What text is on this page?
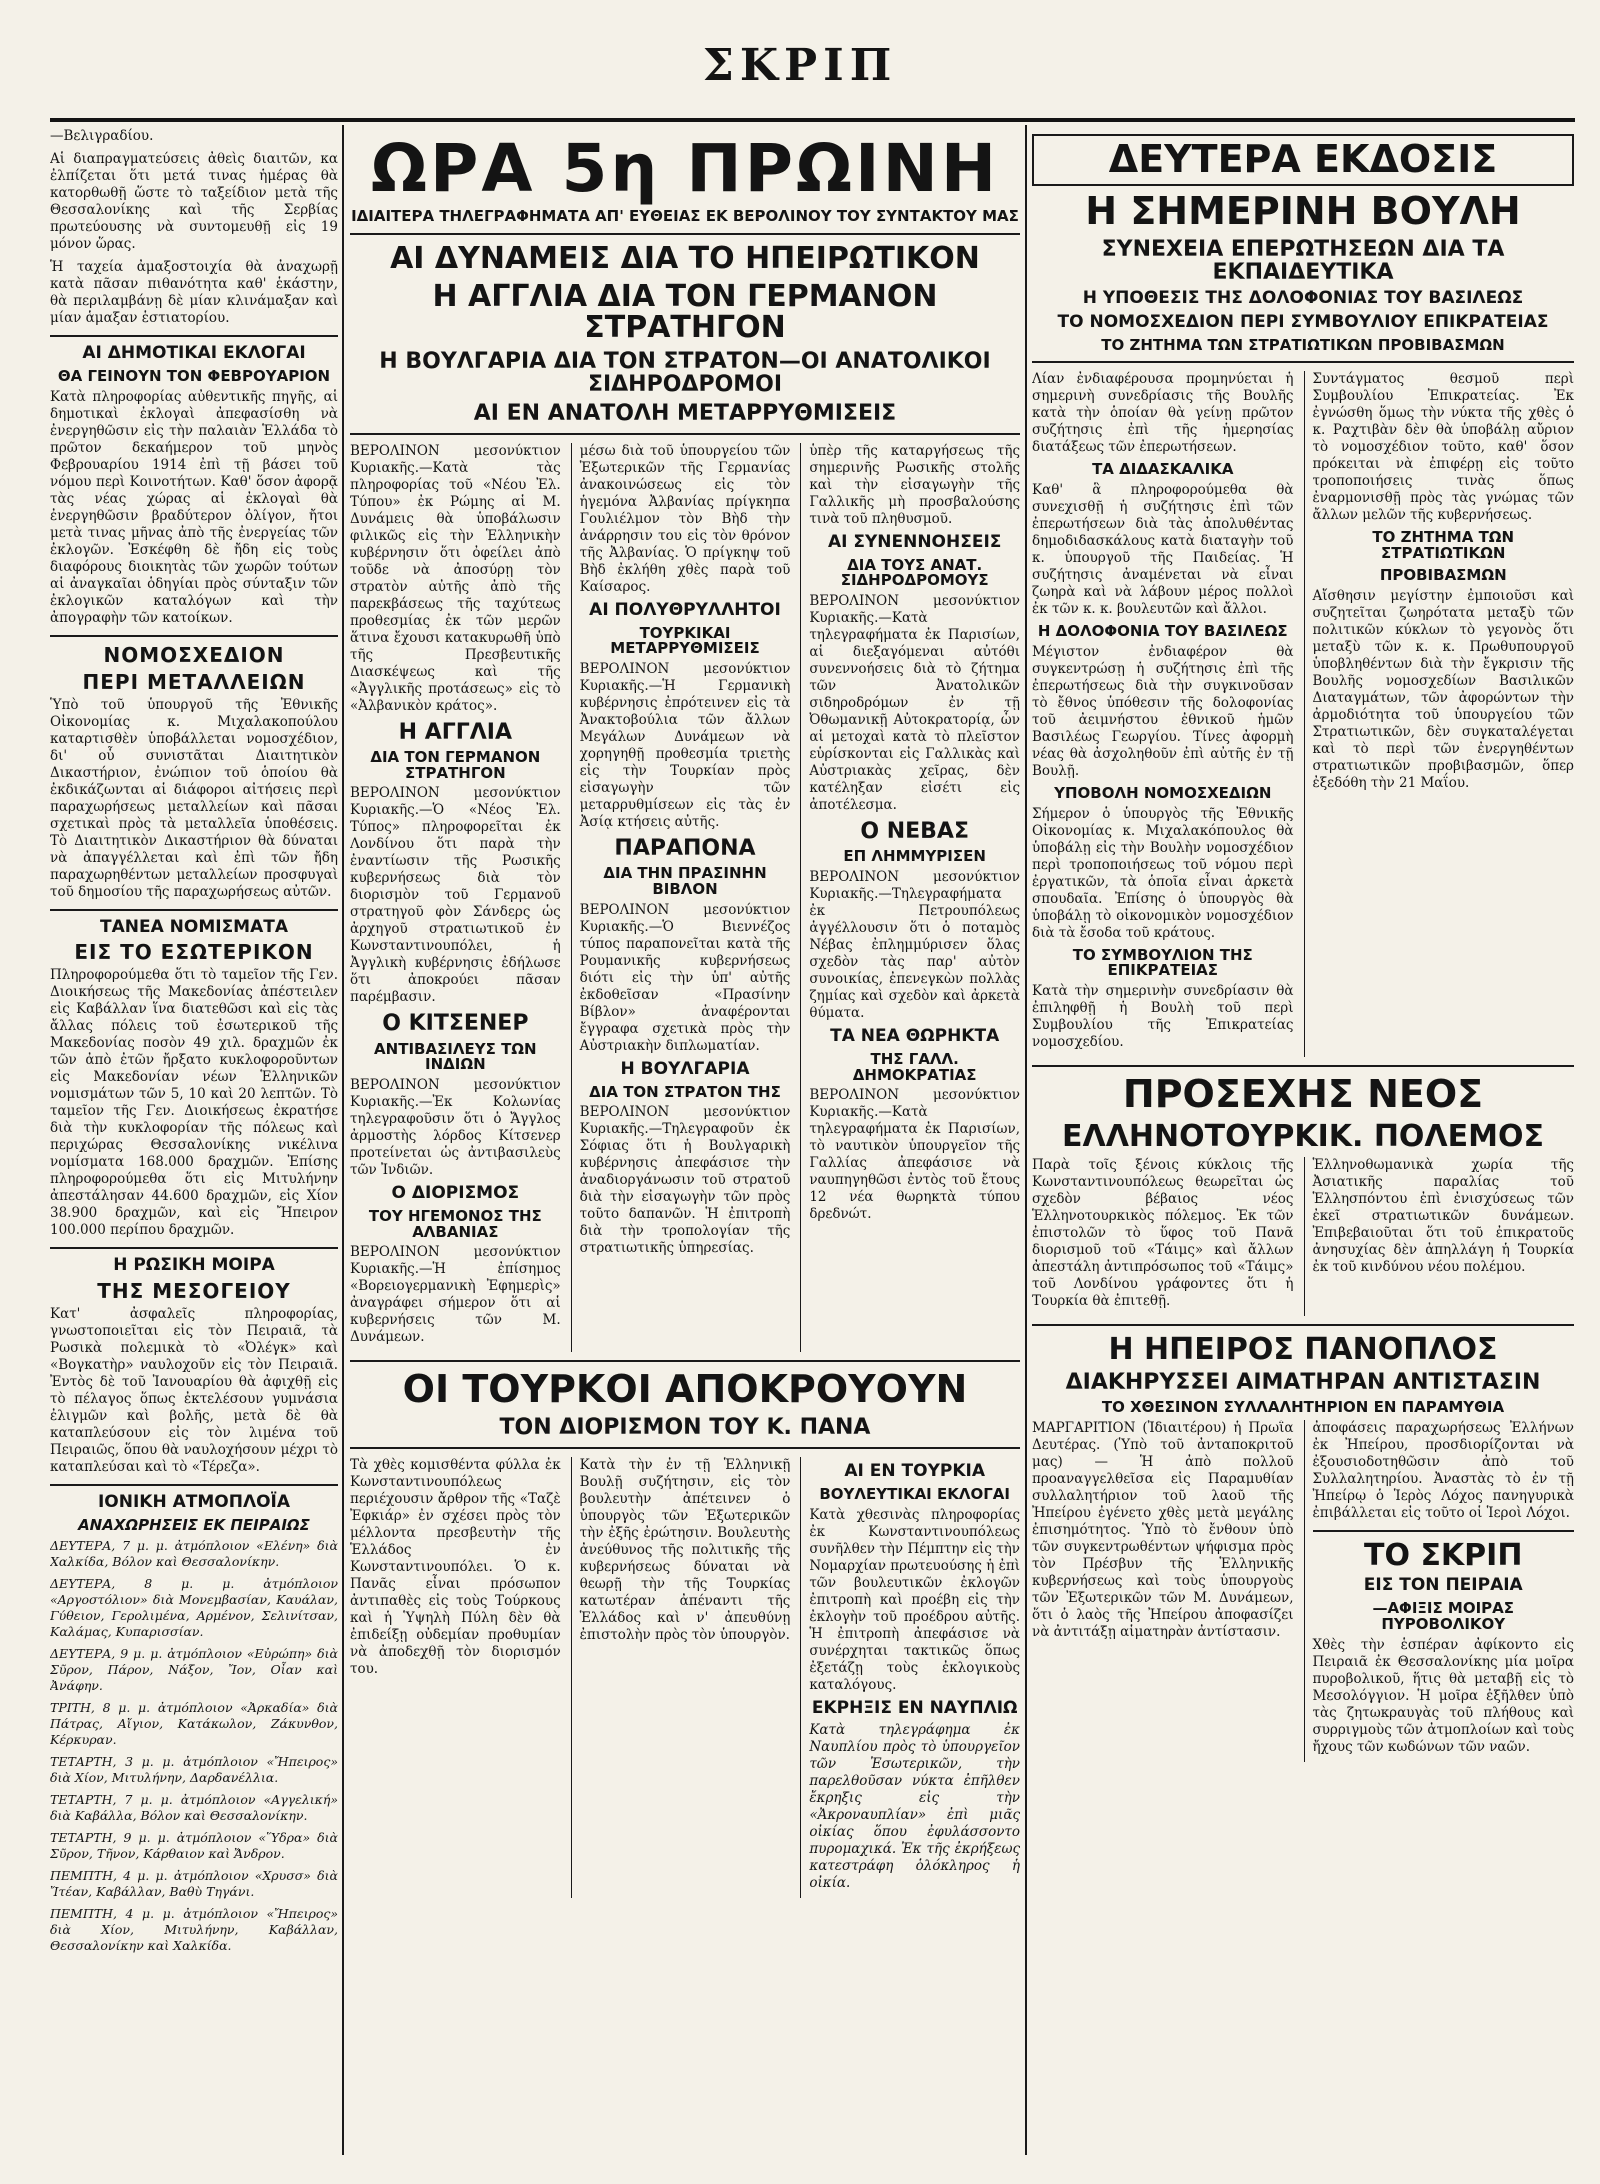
ΣΚΡΙΠ

—Βελιγραδίου.

Αἱ διαπραγματεύσεις ἀθεὶς διαιτῶν, κα ἐλπίζεται ὅτι μετά τινας ἡμέρας θὰ κατορθωθῇ ὥστε τὸ ταξείδιον μετὰ τῆς Θεσσαλονίκης καὶ τῆς Σερβίας πρωτεύουσης νὰ συντομευθῇ εἰς 19 μόνον ὥρας.

Ἡ ταχεία ἀμαξοστοιχία θὰ ἀναχωρῇ κατὰ πᾶσαν πιθανότητα καθ' ἑκάστην, θὰ περιλαμβάνῃ δὲ μίαν κλινάμαξαν καὶ μίαν ἁμαξαν ἑστιατορίου.

ΑΙ ΔΗΜΟΤΙΚΑΙ ΕΚΛΟΓΑΙ
ΘΑ ΓΕΙΝΟΥΝ ΤΟΝ ΦΕΒΡΟΥΑΡΙΟΝ

Κατὰ πληροφορίας αὐθεντικῆς πηγῆς, αἱ δημοτικαὶ ἐκλογαὶ ἀπεφασίσθη νὰ ἐνεργηθῶσιν εἰς τὴν παλαιὰν Ἑλλάδα τὸ πρῶτον δεκαήμερον τοῦ μηνὸς Φεβρουαρίου 1914 ἐπὶ τῇ βάσει τοῦ νόμου περὶ Κοινοτήτων. Καθ' ὅσον ἀφορᾷ τὰς νέας χώρας αἱ ἐκλογαὶ θὰ ἐνεργηθῶσιν βραδύτερον ὀλίγον, ἤτοι μετὰ τινας μῆνας ἀπὸ τῆς ἐνεργείας τῶν ἐκλογῶν. Ἐσκέφθη δὲ ἤδη εἰς τοὺς διαφόρους διοικητὰς τῶν χωρῶν τούτων αἱ ἀναγκαῖαι ὁδηγίαι πρὸς σύνταξιν τῶν ἐκλογικῶν καταλόγων καὶ τὴν ἀπογραφὴν τῶν κατοίκων.

ΝΟΜΟΣΧΕΔΙΟΝ
ΠΕΡΙ ΜΕΤΑΛΛΕΙΩΝ

Ὑπὸ τοῦ ὑπουργοῦ τῆς Ἐθνικῆς Οἰκονομίας κ. Μιχαλακοπούλου καταρτισθὲν ὑποβάλλεται νομοσχέδιον, δι' οὗ συνιστᾶται Διαιτητικὸν Δικαστήριον, ἐνώπιον τοῦ ὁποίου θὰ ἐκδικάζωνται αἱ διάφοροι αἰτήσεις περὶ παραχωρήσεως μεταλλείων καὶ πᾶσαι σχετικαὶ πρὸς τὰ μεταλλεῖα ὑποθέσεις. Τὸ Διαιτητικὸν Δικαστήριον θὰ δύναται νὰ ἀπαγγέλλεται καὶ ἐπὶ τῶν ἤδη παραχωρηθέντων μεταλλείων προσφυγαὶ τοῦ δημοσίου τῆς παραχωρήσεως αὐτῶν.

ΤΑΝΕΑ ΝΟΜΙΣΜΑΤΑ
ΕΙΣ ΤΟ ΕΣΩΤΕΡΙΚΟΝ

Πληροφορούμεθα ὅτι τὸ ταμεῖον τῆς Γεν. Διοικήσεως τῆς Μακεδονίας ἀπέστειλεν εἰς Καβάλλαν ἵνα διατεθῶσι καὶ εἰς τὰς ἄλλας πόλεις τοῦ ἐσωτερικοῦ τῆς Μακεδονίας ποσὸν 49 χιλ. δραχμῶν ἐκ τῶν ἀπὸ ἐτῶν ἤρξατο κυκλοφοροῦντων εἰς Μακεδονίαν νέων Ἑλληνικῶν νομισμάτων τῶν 5, 10 καὶ 20 λεπτῶν. Τὸ ταμεῖον τῆς Γεν. Διοικήσεως ἐκρατήσε διὰ τὴν κυκλοφορίαν τῆς πόλεως καὶ περιχώρας Θεσσαλονίκης νικέλινα νομίσματα 168.000 δραχμῶν. Ἐπίσης πληροφορούμεθα ὅτι εἰς Μιτυλήνην ἀπεστάλησαν 44.600 δραχμῶν, εἰς Χίον 38.900 δραχμῶν, καὶ εἰς Ἤπειρον 100.000 περίπου δραχμῶν.

Η ΡΩΣΙΚΗ ΜΟΙΡΑ
ΤΗΣ ΜΕΣΟΓΕΙΟΥ

Κατ' ἀσφαλεῖς πληροφορίας, γνωστοποιεῖται εἰς τὸν Πειραιᾶ, τὰ Ρωσικὰ πολεμικὰ τὸ «Ὀλέγκ» καὶ «Βογκατὴρ» ναυλοχοῦν εἰς τὸν Πειραιᾶ. Ἐντὸς δὲ τοῦ Ἰανουαρίου θὰ ἀφιχθῇ εἰς τὸ πέλαγος ὅπως ἐκτελέσουν γυμνάσια ἐλιγμῶν καὶ βολῆς, μετὰ δὲ θὰ καταπλεύσουν εἰς τὸν λιμένα τοῦ Πειραιῶς, ὅπου θὰ ναυλοχήσουν μέχρι τὸ καταπλεύσαι καὶ τὸ «Τέρεζα».

ΙΟΝΙΚΗ ΑΤΜΟΠΛΟΪΑ
ΑΝΑΧΩΡΗΣΕΙΣ ΕΚ ΠΕΙΡΑΙΩΣ

ΔΕΥΤΕΡΑ, 7 μ. μ. ἀτμόπλοιον «Ελένη» διὰ Χαλκίδα, Βόλον καὶ Θεσσαλονίκην.

ΔΕΥΤΕΡΑ, 8 μ. μ. ἀτμόπλοιον «Αργοστόλιον» διὰ Μονεμβασίαν, Καυάλαν, Γύθειον, Γερολιμένα, Αρμένον, Σελινίτσαν, Καλάμας, Κυπαρισσίαν.

ΔΕΥΤΕΡΑ, 9 μ. μ. ἀτμόπλοιον «Εὐρώπη» διὰ Σῦρον, Πάρον, Νάξον, Ἴον, Οἶαν καὶ Ἀνάφην.

ΤΡΙΤΗ, 8 μ. μ. ἀτμόπλοιον «Ἀρκαδία» διὰ Πάτρας, Αἴγιον, Κατάκωλον, Ζάκυνθον, Κέρκυραν.

ΤΕΤΑΡΤΗ, 3 μ. μ. ἀτμόπλοιον «Ἤπειρος» διὰ Χίον, Μιτυλήνην, Δαρδανέλλια.

ΤΕΤΑΡΤΗ, 7 μ. μ. ἀτμόπλοιον «Αγγελική» διὰ Καβάλλα, Βόλον καὶ Θεσσαλονίκην.

ΤΕΤΑΡΤΗ, 9 μ. μ. ἀτμόπλοιον «Ὕδρα» διὰ Σῦρον, Τῆνον, Κάρθαιον καὶ Ἄνδρον.

ΠΕΜΠΤΗ, 4 μ. μ. ἀτμόπλοιον «Χρυσσ» διὰ Ἴτέαν, Καβάλλαν, Βαθὺ Τηγάνι.

ΠΕΜΠΤΗ, 4 μ. μ. ἀτμόπλοιον «Ἤπειρος» διὰ Χίον, Μιτυλήνην, Καβάλλαν, Θεσσαλονίκην καὶ Χαλκίδα.

ΩΡΑ 5η ΠΡΩΙΝΗ
ΙΔΙΑΙΤΕΡΑ ΤΗΛΕΓΡΑΦΗΜΑΤΑ ΑΠ' ΕΥΘΕΙΑΣ ΕΚ ΒΕΡΟΛΙΝΟΥ ΤΟΥ ΣΥΝΤΑΚΤΟΥ ΜΑΣ
ΑΙ ΔΥΝΑΜΕΙΣ ΔΙΑ ΤΟ ΗΠΕΙΡΩΤΙΚΟΝ
Η ΑΓΓΛΙΑ ΔΙΑ ΤΟΝ ΓΕΡΜΑΝΟΝ ΣΤΡΑΤΗΓΟΝ
Η ΒΟΥΛΓΑΡΙΑ ΔΙΑ ΤΟΝ ΣΤΡΑΤΟΝ—ΟΙ ΑΝΑΤΟΛΙΚΟΙ ΣΙΔΗΡΟΔΡΟΜΟΙ
ΑΙ ΕΝ ΑΝΑΤΟΛΗ ΜΕΤΑΡΡΥΘΜΙΣΕΙΣ

ΒΕΡΟΛΙΝΟΝ μεσονύκτιον Κυριακῆς.—Κατὰ τὰς πληροφορίας τοῦ «Νέου Ἐλ. Τύπου» ἐκ Ρώμης αἱ Μ. Δυνάμεις θὰ ὑποβάλωσιν φιλικῶς εἰς τὴν Ἑλληνικὴν κυβέρνησιν ὅτι ὀφείλει ἀπὸ τοῦδε νὰ ἀποσύρῃ τὸν στρατὸν αὐτῆς ἀπὸ τῆς παρεκβάσεως τῆς ταχύτεως προθεσμίας ἐκ τῶν μερῶν ἅτινα ἔχουσι κατακυρωθῆ ὑπὸ τῆς Πρεσβευτικῆς Διασκέψεως καὶ τῆς «Ἀγγλικῆς προτάσεως» εἰς τὸ «Ἀλβανικὸν κράτος».

Η ΑΓΓΛΙΑ
ΔΙΑ ΤΟΝ ΓΕΡΜΑΝΟΝ ΣΤΡΑΤΗΓΟΝ

ΒΕΡΟΛΙΝΟΝ μεσονύκτιον Κυριακῆς.—Ὁ «Νέος Ἐλ. Τύπος» πληροφορεῖται ἐκ Λονδίνου ὅτι παρὰ τὴν ἐναντίωσιν τῆς Ρωσικῆς κυβερνήσεως διὰ τὸν διορισμὸν τοῦ Γερμανοῦ στρατηγοῦ φὸν Σάνδερς ὡς ἀρχηγοῦ στρατιωτικοῦ ἐν Κωνσταντινουπόλει, ἡ Ἀγγλικὴ κυβέρνησις ἐδήλωσε ὅτι ἀποκρούει πᾶσαν παρέμβασιν.

Ο ΚΙΤΣΕΝΕΡ
ΑΝΤΙΒΑΣΙΛΕΥΣ ΤΩΝ ΙΝΔΙΩΝ

ΒΕΡΟΛΙΝΟΝ μεσονύκτιον Κυριακῆς.—Ἐκ Κολωνίας τηλεγραφοῦσιν ὅτι ὁ Ἄγγλος ἀρμοστὴς λόρδος Κίτσενερ προτείνεται ὡς ἀντιβασιλεὺς τῶν Ἰνδιῶν.

Ο ΔΙΟΡΙΣΜΟΣ
ΤΟΥ ΗΓΕΜΟΝΟΣ ΤΗΣ ΑΛΒΑΝΙΑΣ

ΒΕΡΟΛΙΝΟΝ μεσονύκτιον Κυριακῆς.—Ἡ ἐπίσημος «Βορειογερμανικὴ Ἐφημερὶς» ἀναγράφει σήμερον ὅτι αἱ κυβερνήσεις τῶν Μ. Δυνάμεων.

μέσω διὰ τοῦ ὑπουργείου τῶν Ἐξωτερικῶν τῆς Γερμανίας ἀνακοινώσεως εἰς τὸν ἡγεμόνα Ἀλβανίας πρίγκηπα Γουλιέλμον τὸν Βὴδ τὴν ἀνάρρησιν του εἰς τὸν θρόνον τῆς Ἀλβανίας. Ὁ πρίγκηψ τοῦ Βὴδ ἐκλήθη χθὲς παρὰ τοῦ Καίσαρος.

ΑΙ ΠΟΛΥΘΡΥΛΛΗΤΟΙ
ΤΟΥΡΚΙΚΑΙ ΜΕΤΑΡΡΥΘΜΙΣΕΙΣ

ΒΕΡΟΛΙΝΟΝ μεσονύκτιον Κυριακῆς.—Ἡ Γερμανικὴ κυβέρνησις ἐπρότεινεν εἰς τὰ Ἀνακτοβούλια τῶν ἄλλων Μεγάλων Δυνάμεων νὰ χορηγηθῇ προθεσμία τριετὴς εἰς τὴν Τουρκίαν πρὸς εἰσαγωγὴν τῶν μεταρρυθμίσεων εἰς τὰς ἐν Ἀσίᾳ κτήσεις αὐτῆς.

ΠΑΡΑΠΟΝΑ
ΔΙΑ ΤΗΝ ΠΡΑΣΙΝΗΝ ΒΙΒΛΟΝ

ΒΕΡΟΛΙΝΟΝ μεσονύκτιον Κυριακῆς.—Ὁ Βιεννέζος τύπος παραπονεῖται κατὰ τῆς Ρουμανικῆς κυβερνήσεως διότι εἰς τὴν ὑπ' αὐτῆς ἐκδοθεῖσαν «Πρασίνην Βίβλον» ἀναφέρονται ἔγγραφα σχετικὰ πρὸς τὴν Αὐστριακὴν διπλωματίαν.

Η ΒΟΥΛΓΑΡΙΑ
ΔΙΑ ΤΟΝ ΣΤΡΑΤΟΝ ΤΗΣ

ΒΕΡΟΛΙΝΟΝ μεσονύκτιον Κυριακῆς.—Τηλεγραφοῦν ἐκ Σόφιας ὅτι ἡ Βουλγαρικὴ κυβέρνησις ἀπεφάσισε τὴν ἀναδιοργάνωσιν τοῦ στρατοῦ διὰ τὴν εἰσαγωγὴν τῶν πρὸς τοῦτο δαπανῶν. Ἡ ἐπιτροπὴ διὰ τὴν τροπολογίαν τῆς στρατιωτικῆς ὑπηρεσίας.

ὑπὲρ τῆς καταργήσεως τῆς σημερινῆς Ρωσικῆς στολῆς καὶ τὴν εἰσαγωγὴν τῆς Γαλλικῆς μὴ προσβαλούσης τινὰ τοῦ πληθυσμοῦ.

ΑΙ ΣΥΝΕΝΝΟΗΣΕΙΣ
ΔΙΑ ΤΟΥΣ ΑΝΑΤ. ΣΙΔΗΡΟΔΡΟΜΟΥΣ

ΒΕΡΟΛΙΝΟΝ μεσονύκτιον Κυριακῆς.—Κατὰ τηλεγραφήματα ἐκ Παρισίων, αἱ διεξαγόμεναι αὐτόθι συνεννοήσεις διὰ τὸ ζήτημα τῶν Ἀνατολικῶν σιδηροδρόμων ἐν τῇ Ὀθωμανικῇ Αὐτοκρατορίᾳ, ὧν αἱ μετοχαὶ κατὰ τὸ πλεῖστον εὑρίσκονται εἰς Γαλλικὰς καὶ Αὐστριακὰς χεῖρας, δὲν κατέληξαν εἰσέτι εἰς ἀποτέλεσμα.

Ο ΝΕΒΑΣ
ΕΠ ΛΗΜΜΥΡΙΣΕΝ

ΒΕΡΟΛΙΝΟΝ μεσονύκτιον Κυριακῆς.—Τηλεγραφήματα ἐκ Πετρουπόλεως ἀγγέλλουσιν ὅτι ὁ ποταμὸς Νέβας ἐπλημμύρισεν ὅλας σχεδὸν τὰς παρ' αὐτὸν συνοικίας, ἐπενεγκὼν πολλὰς ζημίας καὶ σχεδὸν καὶ ἀρκετὰ θύματα.

ΤΑ ΝΕΑ ΘΩΡΗΚΤΑ
ΤΗΣ ΓΑΛΛ. ΔΗΜΟΚΡΑΤΙΑΣ

ΒΕΡΟΛΙΝΟΝ μεσονύκτιον Κυριακῆς.—Κατὰ τηλεγραφήματα ἐκ Παρισίων, τὸ ναυτικὸν ὑπουργεῖον τῆς Γαλλίας ἀπεφάσισε νὰ ναυπηγηθῶσι ἐντὸς τοῦ ἔτους 12 νέα θωρηκτὰ τύπου δρεδνώτ.

ΟΙ ΤΟΥΡΚΟΙ ΑΠΟΚΡΟΥΟΥΝ
ΤΟΝ ΔΙΟΡΙΣΜΟΝ ΤΟΥ Κ. ΠΑΝΑ

Τὰ χθὲς κομισθέντα φύλλα ἐκ Κωνσταντινουπόλεως περιέχουσιν ἄρθρον τῆς «Ταζὲ Ἐφκιάρ» ἐν σχέσει πρὸς τὸν μέλλοντα πρεσβευτὴν τῆς Ἑλλάδος ἐν Κωνσταντινουπόλει. Ὁ κ. Πανᾶς εἶναι πρόσωπον ἀντιπαθὲς εἰς τοὺς Τούρκους καὶ ἡ Ὑψηλὴ Πύλη δὲν θὰ ἐπιδείξῃ οὐδεμίαν προθυμίαν νὰ ἀποδεχθῇ τὸν διορισμόν του.

Κατὰ τὴν ἐν τῇ Ἑλληνικῇ Βουλῇ συζήτησιν, εἰς τὸν βουλευτὴν ἀπέτεινεν ὁ ὑπουργὸς τῶν Ἐξωτερικῶν τὴν ἐξῆς ἐρώτησιν. Βουλευτὴς ἀνεύθυνος τῆς πολιτικῆς τῆς κυβερνήσεως δύναται νὰ θεωρῇ τὴν τῆς Τουρκίας κατωτέραν ἀπέναντι τῆς Ἑλλάδος καὶ ν' ἀπευθύνῃ ἐπιστολὴν πρὸς τὸν ὑπουργὸν.

ΑΙ ΕΝ ΤΟΥΡΚΙΑ
ΒΟΥΛΕΥΤΙΚΑΙ ΕΚΛΟΓΑΙ

Κατὰ χθεσινὰς πληροφορίας ἐκ Κωνσταντινουπόλεως συνῆλθεν τὴν Πέμπτην εἰς τὴν Νομαρχίαν πρωτευούσης ἡ ἐπὶ τῶν βουλευτικῶν ἐκλογῶν ἐπιτροπὴ καὶ προέβη εἰς τὴν ἐκλογὴν τοῦ προέδρου αὐτῆς. Ἡ ἐπιτροπὴ ἀπεφάσισε νὰ συνέρχηται τακτικῶς ὅπως ἐξετάζῃ τοὺς ἐκλογικοὺς καταλόγους.

ΕΚΡΗΞΙΣ ΕΝ ΝΑΥΠΛΙΩ

Κατὰ τηλεγράφημα ἐκ Ναυπλίου πρὸς τὸ ὑπουργεῖον τῶν Ἐσωτερικῶν, τὴν παρελθοῦσαν νύκτα ἐπῆλθεν ἔκρηξις εἰς τὴν «Ἀκροναυπλίαν» ἐπὶ μιᾶς οἰκίας ὅπου ἐφυλάσσοντο πυρομαχικά. Ἐκ τῆς ἐκρήξεως κατεστράφη ὁλόκληρος ἡ οἰκία.

ΔΕΥΤΕΡΑ ΕΚΔΟΣΙΣ
Η ΣΗΜΕΡΙΝΗ ΒΟΥΛΗ
ΣΥΝΕΧΕΙΑ ΕΠΕΡΩΤΗΣΕΩΝ ΔΙΑ ΤΑ ΕΚΠΑΙΔΕΥΤΙΚΑ
Η ΥΠΟΘΕΣΙΣ ΤΗΣ ΔΟΛΟΦΟΝΙΑΣ ΤΟΥ ΒΑΣΙΛΕΩΣ
ΤΟ ΝΟΜΟΣΧΕΔΙΟΝ ΠΕΡΙ ΣΥΜΒΟΥΛΙΟΥ ΕΠΙΚΡΑΤΕΙΑΣ
ΤΟ ΖΗΤΗΜΑ ΤΩΝ ΣΤΡΑΤΙΩΤΙΚΩΝ ΠΡΟΒΙΒΑΣΜΩΝ

Λίαν ἐνδιαφέρουσα προμηνύεται ἡ σημερινὴ συνεδρίασις τῆς Βουλῆς κατὰ τὴν ὁποίαν θὰ γείνῃ πρῶτον συζήτησις ἐπὶ τῆς ἡμερησίας διατάξεως τῶν ἐπερωτήσεων.

ΤΑ ΔΙΔΑΣΚΑΛΙΚΑ

Καθ' ἃ πληροφορούμεθα θὰ συνεχισθῇ ἡ συζήτησις ἐπὶ τῶν ἐπερωτήσεων διὰ τὰς ἀπολυθέντας δημοδιδασκάλους κατὰ διαταγὴν τοῦ κ. ὑπουργοῦ τῆς Παιδείας. Ἡ συζήτησις ἀναμένεται νὰ εἶναι ζωηρὰ καὶ νὰ λάβουν μέρος πολλοὶ ἐκ τῶν κ. κ. βουλευτῶν καὶ ἄλλοι.

Η ΔΟΛΟΦΟΝΙΑ ΤΟΥ ΒΑΣΙΛΕΩΣ

Μέγιστον ἐνδιαφέρον θὰ συγκεντρώσῃ ἡ συζήτησις ἐπὶ τῆς ἐπερωτήσεως διὰ τὴν συγκινοῦσαν τὸ ἔθνος ὑπόθεσιν τῆς δολοφονίας τοῦ ἀειμνήστου ἐθνικοῦ ἡμῶν Βασιλέως Γεωργίου. Τίνες ἀφορμὴ νέας θὰ ἀσχοληθοῦν ἐπὶ αὐτῆς ἐν τῇ Βουλῇ.

ΥΠΟΒΟΛΗ ΝΟΜΟΣΧΕΔΙΩΝ

Σήμερον ὁ ὑπουργὸς τῆς Ἐθνικῆς Οἰκονομίας κ. Μιχαλακόπουλος θὰ ὑποβάλῃ εἰς τὴν Βουλὴν νομοσχέδιον περὶ τροποποιήσεως τοῦ νόμου περὶ ἐργατικῶν, τὰ ὁποῖα εἶναι ἀρκετὰ σπουδαῖα. Ἐπίσης ὁ ὑπουργὸς θὰ ὑποβάλῃ τὸ οἰκονομικὸν νομοσχέδιον διὰ τὰ ἔσοδα τοῦ κράτους.

ΤΟ ΣΥΜΒΟΥΛΙΟΝ ΤΗΣ ΕΠΙΚΡΑΤΕΙΑΣ

Κατὰ τὴν σημερινὴν συνεδρίασιν θὰ ἐπιληφθῇ ἡ Βουλὴ τοῦ περὶ Συμβουλίου τῆς Ἐπικρατείας νομοσχεδίου.

Συντάγματος θεσμοῦ περὶ Συμβουλίου Ἐπικρατείας. Ἐκ ἐγνώσθη ὅμως τὴν νύκτα τῆς χθὲς ὁ κ. Ραχτιβὰν δὲν θὰ ὑποβάλῃ αὔριον τὸ νομοσχέδιον τοῦτο, καθ' ὅσον πρόκειται νὰ ἐπιφέρῃ εἰς τοῦτο τροποποιήσεις τινὰς ὅπως ἐναρμονισθῇ πρὸς τὰς γνώμας τῶν ἄλλων μελῶν τῆς κυβερνήσεως.

ΤΟ ΖΗΤΗΜΑ ΤΩΝ ΣΤΡΑΤΙΩΤΙΚΩΝ
ΠΡΟΒΙΒΑΣΜΩΝ

Αἴσθησιν μεγίστην ἐμποιοῦσι καὶ συζητεῖται ζωηρότατα μεταξὺ τῶν πολιτικῶν κύκλων τὸ γεγονὸς ὅτι μεταξὺ τῶν κ. κ. Πρωθυπουργοῦ ὑποβληθέντων διὰ τὴν ἔγκρισιν τῆς Βουλῆς νομοσχεδίων Βασιλικῶν Διαταγμάτων, τῶν ἀφορώντων τὴν ἀρμοδιότητα τοῦ ὑπουργείου τῶν Στρατιωτικῶν, δὲν συγκαταλέγεται καὶ τὸ περὶ τῶν ἐνεργηθέντων στρατιωτικῶν προβιβασμῶν, ὅπερ ἐξεδόθη τὴν 21 Μαΐου.

ΠΡΟΣΕΧΗΣ ΝΕΟΣ
ΕΛΛΗΝΟΤΟΥΡΚΙΚ. ΠΟΛΕΜΟΣ

Παρὰ τοῖς ξένοις κύκλοις τῆς Κωνσταντινουπόλεως θεωρεῖται ὡς σχεδὸν βέβαιος νέος Ἑλληνοτουρκικὸς πόλεμος. Ἐκ τῶν ἐπιστολῶν τὸ ὕφος τοῦ Πανᾶ διορισμοῦ τοῦ «Τάιμς» καὶ ἄλλων ἀπεστάλη ἀντιπρόσωπος τοῦ «Τάιμς» τοῦ Λονδίνου γράφοντες ὅτι ἡ Τουρκία θὰ ἐπιτεθῇ.

Ἑλληνοθωμανικὰ χωρία τῆς Ἀσιατικῆς παραλίας τοῦ Ἑλλησπόντου ἐπὶ ἐνισχύσεως τῶν ἐκεῖ στρατιωτικῶν δυνάμεων. Ἐπιβεβαιοῦται ὅτι τοῦ ἐπικρατοῦς ἀνησυχίας δὲν ἀπηλλάγη ἡ Τουρκία ἐκ τοῦ κινδύνου νέου πολέμου.

Η ΗΠΕΙΡΟΣ ΠΑΝΟΠΛΟΣ
ΔΙΑΚΗΡΥΣΣΕΙ ΑΙΜΑΤΗΡΑΝ ΑΝΤΙΣΤΑΣΙΝ
ΤΟ ΧΘΕΣΙΝΟΝ ΣΥΛΛΑΛΗΤΗΡΙΟΝ ΕΝ ΠΑΡΑΜΥΘΙΑ

ΜΑΡΓΑΡΙΤΙΟΝ (Ἰδιαιτέρου) ἡ Πρωΐα Δευτέρας. (Ὑπὸ τοῦ ἀνταποκριτοῦ μας) — Ἡ ἀπὸ πολλοῦ προαναγγελθεῖσα εἰς Παραμυθίαν συλλαλητήριον τοῦ λαοῦ τῆς Ἠπείρου ἐγένετο χθὲς μετὰ μεγάλης ἐπισημότητος. Ὑπὸ τὸ ἔνθουν ὑπὸ τῶν συγκεντρωθέντων ψήφισμα πρὸς τὸν Πρέσβυν τῆς Ἑλληνικῆς κυβερνήσεως καὶ τοὺς ὑπουργοὺς τῶν Ἐξωτερικῶν τῶν Μ. Δυνάμεων, ὅτι ὁ λαὸς τῆς Ἠπείρου ἀποφασίζει νὰ ἀντιτάξῃ αἱματηρὰν ἀντίστασιν.

ἀποφάσεις παραχωρήσεως Ἐλλήνων ἐκ Ἠπείρου, προσδιορίζονται νὰ ἐξουσιοδοτηθῶσιν ἀπὸ τοῦ Συλλαλητηρίου. Ἀναστὰς τὸ ἐν τῇ Ἠπείρῳ ὁ Ἱερὸς Λόχος πανηγυρικὰ ἐπιβάλλεται εἰς τοῦτο οἱ Ἱεροὶ Λόχοι.

ΤΟ ΣΚΡΙΠ
ΕΙΣ ΤΟΝ ΠΕΙΡΑΙΑ
—ΑΦΙΞΙΣ ΜΟΙΡΑΣ ΠΥΡΟΒΟΛΙΚΟΥ

Χθὲς τὴν ἑσπέραν ἀφίκοντο εἰς Πειραιᾶ ἐκ Θεσσαλονίκης μία μοῖρα πυροβολικοῦ, ἥτις θὰ μεταβῇ εἰς τὸ Μεσολόγγιον. Ἡ μοῖρα ἐξῆλθεν ὑπὸ τὰς ζητωκραυγὰς τοῦ πλήθους καὶ συρριγμοὺς τῶν ἀτμοπλοίων καὶ τοὺς ἤχους τῶν κωδώνων τῶν ναῶν.
